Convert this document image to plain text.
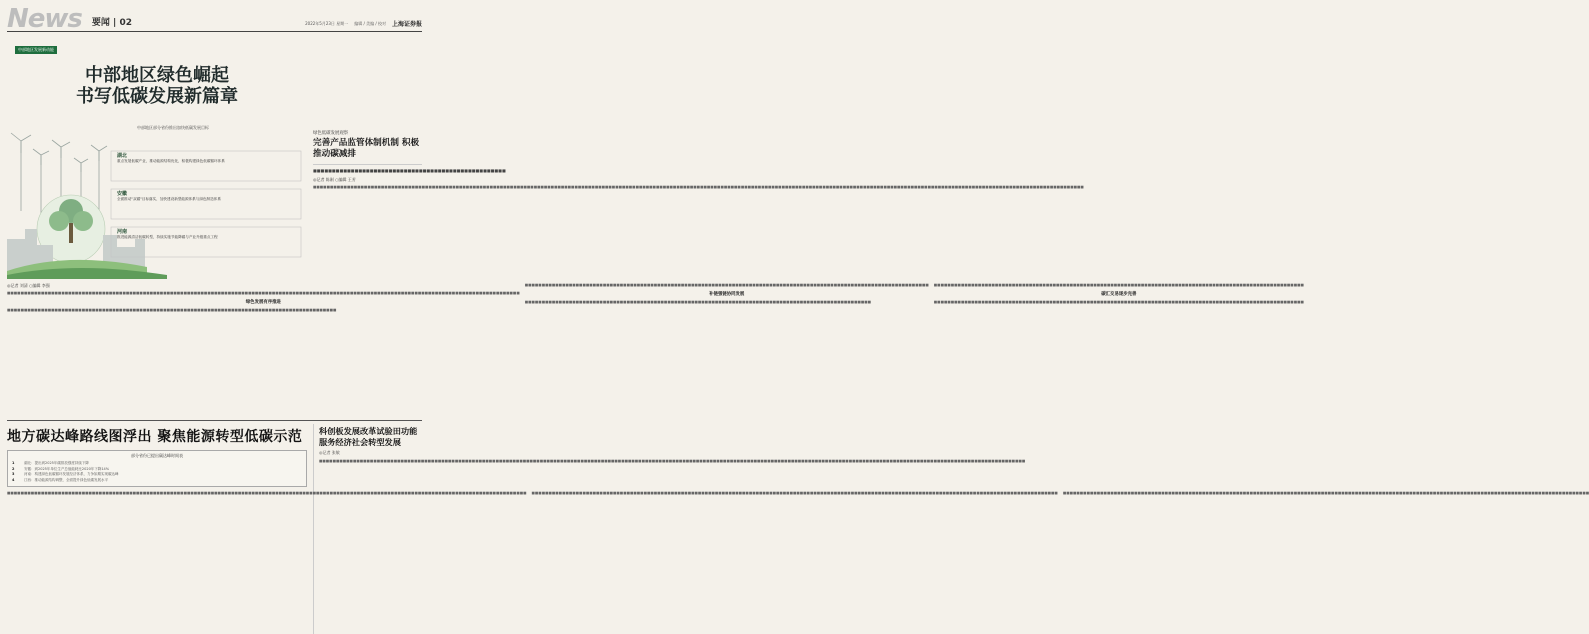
News 要闻 | 02	2022年5月23日 星期一 编辑 / 美编 / 校对 上海证券报
中部地区发展新动能
中部地区绿色崛起
书写低碳发展新篇章
中部地区部分省份推出加快低碳发展目标
湖北
重点发展低碳产业，推动能源结构优化，积极构建绿色低碳循环体系
安徽
全面推动"双碳"目标落实，加快建设新型能源体系与绿色制造体系
河南
推进能源清洁低碳转型，持续实施节能降碳与产业升级重点工程
◎记者 刘清 ○编辑 李强
■■■■■■■■■■■■■■■■■■■■■■■■■■■■■■■■■■■■■■■■■■■■■■■■■■■■■■■■■■■■■■■■■■■■■■■■■■■■■■■■■■■■■■■■■■■■■■■■■■■■■■■■■■■■■■■■■■■■■■■■■■■■■■■■■■■■■■■■■■■■■■■■■■■■■■■
绿色发展有序推进
■■■■■■■■■■■■■■■■■■■■■■■■■■■■■■■■■■■■■■■■■■■■■■■■■■■■■■■■■■■■■■■■■■■■■■■■■■■■■■■■■■■■■■■■■■■■■■■■■
■■■■■■■■■■■■■■■■■■■■■■■■■■■■■■■■■■■■■■■■■■■■■■■■■■■■■■■■■■■■■■■■■■■■■■■■■■■■■■■■■■■■■■■■■■■■■■■■■■■■■■■■■■■■■■■■■■■■■■■
补链强链协同发展
■■■■■■■■■■■■■■■■■■■■■■■■■■■■■■■■■■■■■■■■■■■■■■■■■■■■■■■■■■■■■■■■■■■■■■■■■■■■■■■■■■■■■■■■■■■■■■■■■■■■■■
■■■■■■■■■■■■■■■■■■■■■■■■■■■■■■■■■■■■■■■■■■■■■■■■■■■■■■■■■■■■■■■■■■■■■■■■■■■■■■■■■■■■■■■■■■■■■■■■■■■■■■■■■■■■■
碳汇交易逐步完善
■■■■■■■■■■■■■■■■■■■■■■■■■■■■■■■■■■■■■■■■■■■■■■■■■■■■■■■■■■■■■■■■■■■■■■■■■■■■■■■■■■■■■■■■■■■■■■■■■■■■■■■■■■■■■
绿色低碳发展观察
完善产品监管体制机制 积极推动碳减排
■■■■■■■■■■■■■■■■■■■■■■■■■■■■■■■■■■■■■■■■■■■■■■■■■■■
◎记者 陈刚 ○编辑 王芳
■■■■■■■■■■■■■■■■■■■■■■■■■■■■■■■■■■■■■■■■■■■■■■■■■■■■■■■■■■■■■■■■■■■■■■■■■■■■■■■■■■■■■■■■■■■■■■■■■■■■■■■■■■■■■■■■■■■■■■■■■■■■■■■■■■■■■■■■■■■■■■■■■■■■■■■■■■■■■■■■■■■■■■■■■■■■■■■■■■■■■■■■■■■■■■■■■■■■■■■■■■■■■■■■■■■■■■■■■■■■■■■■■■■
地方碳达峰路线图浮出 聚焦能源转型低碳示范
部分省份已提出碳达峰时间表
1	湖北：提出到2025年碳排放强度持续下降
2	安徽：到2025年单位生产总值能耗比2020年下降14%
3	河南：构建绿色低碳循环发展经济体系，力争如期实现碳达峰
4	江西：推动能源结构调整，全面提升绿色低碳发展水平
■■■■■■■■■■■■■■■■■■■■■■■■■■■■■■■■■■■■■■■■■■■■■■■■■■■■■■■■■■■■■■■■■■■■■■■■■■■■■■■■■■■■■■■■■■■■■■■■■■■■■■■■■■■■■■■■■■■■■■■■■■■■■■■■■■■■■■■■■■■■■■■■■■■■■■■■■ ■■■■■■■■■■■■■■■■■■■■■■■■■■■■■■■■■■■■■■■■■■■■■■■■■■■■■■■■■■■■■■■■■■■■■■■■■■■■■■■■■■■■■■■■■■■■■■■■■■■■■■■■■■■■■■■■■■■■■■■■■■■■■■■■■■■■■■■■■■■■■■■■■■■■■■■■■■■ ■■■■■■■■■■■■■■■■■■■■■■■■■■■■■■■■■■■■■■■■■■■■■■■■■■■■■■■■■■■■■■■■■■■■■■■■■■■■■■■■■■■■■■■■■■■■■■■■■■■■■■■■■■■■■■■■■■■■■■■■■■■■■■■■■■■■■■■■■■■■■■■■■■■■■■■■■■■
科创板发展改革试验田功能 服务经济社会转型发展
◎记者 张敏
■■■■■■■■■■■■■■■■■■■■■■■■■■■■■■■■■■■■■■■■■■■■■■■■■■■■■■■■■■■■■■■■■■■■■■■■■■■■■■■■■■■■■■■■■■■■■■■■■■■■■■■■■■■■■■■■■■■■■■■■■■■■■■■■■■■■■■■■■■■■■■■■■■■■■■■■■■■■■■■■■■■■■■■■■■■■■■■■■■■■■■■■■■■■■■■■■■■■■■■■■■■■■■■■
